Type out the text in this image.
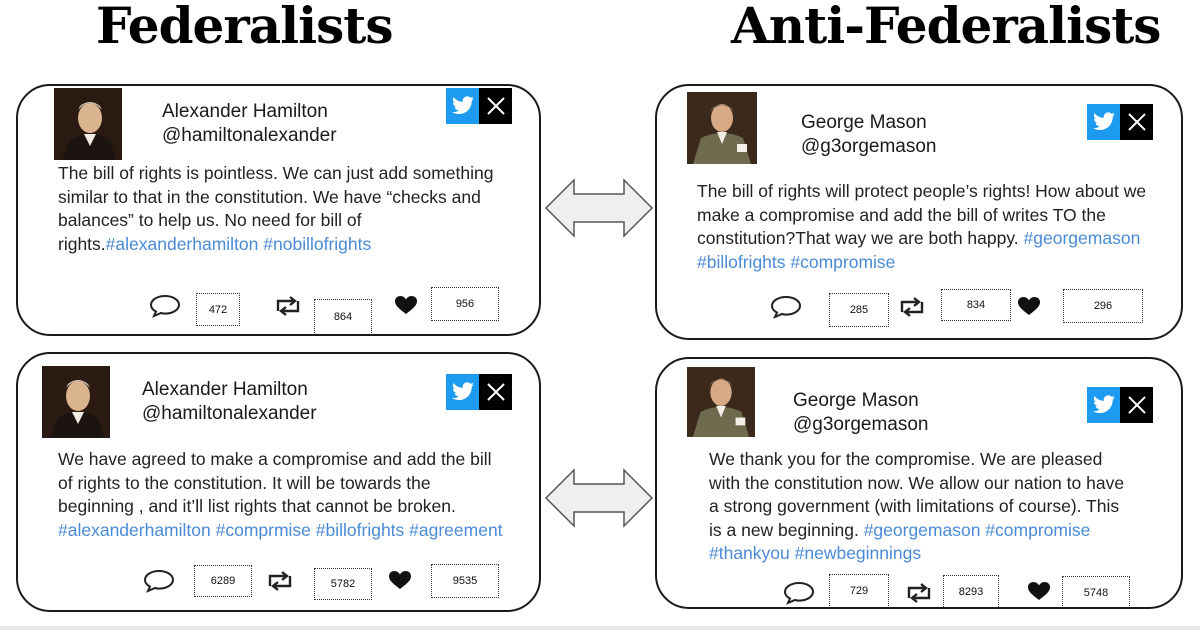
Federalists	Anti-Federalists
Alexander Hamilton
@hamiltonalexander
The bill of rights is pointless. We can just add something similar to that in the constitution. We have “checks and balances” to help us. No need for bill of rights.#alexanderhamilton #nobillofrights
472
864
956
George Mason
@g3orgemason
The bill of rights will protect people’s rights! How about we make a compromise and add the bill of writes TO the constitution?That way we are both happy. #georgemason #billofrights #compromise
285	834	296
Alexander Hamilton
@hamiltonalexander
We have agreed to make a compromise and add the bill of rights to the constitution. It will be towards the beginning , and it’ll list rights that cannot be broken. #alexanderhamilton #comprmise #billofrights #agreement
6289	5782	9535
George Mason
@g3orgemason
We thank you for the compromise. We are pleased with the constitution now. We allow our nation to have a strong government (with limitations of course). This is a new beginning. #georgemason #compromise #thankyou #newbeginnings
729	8293	5748
